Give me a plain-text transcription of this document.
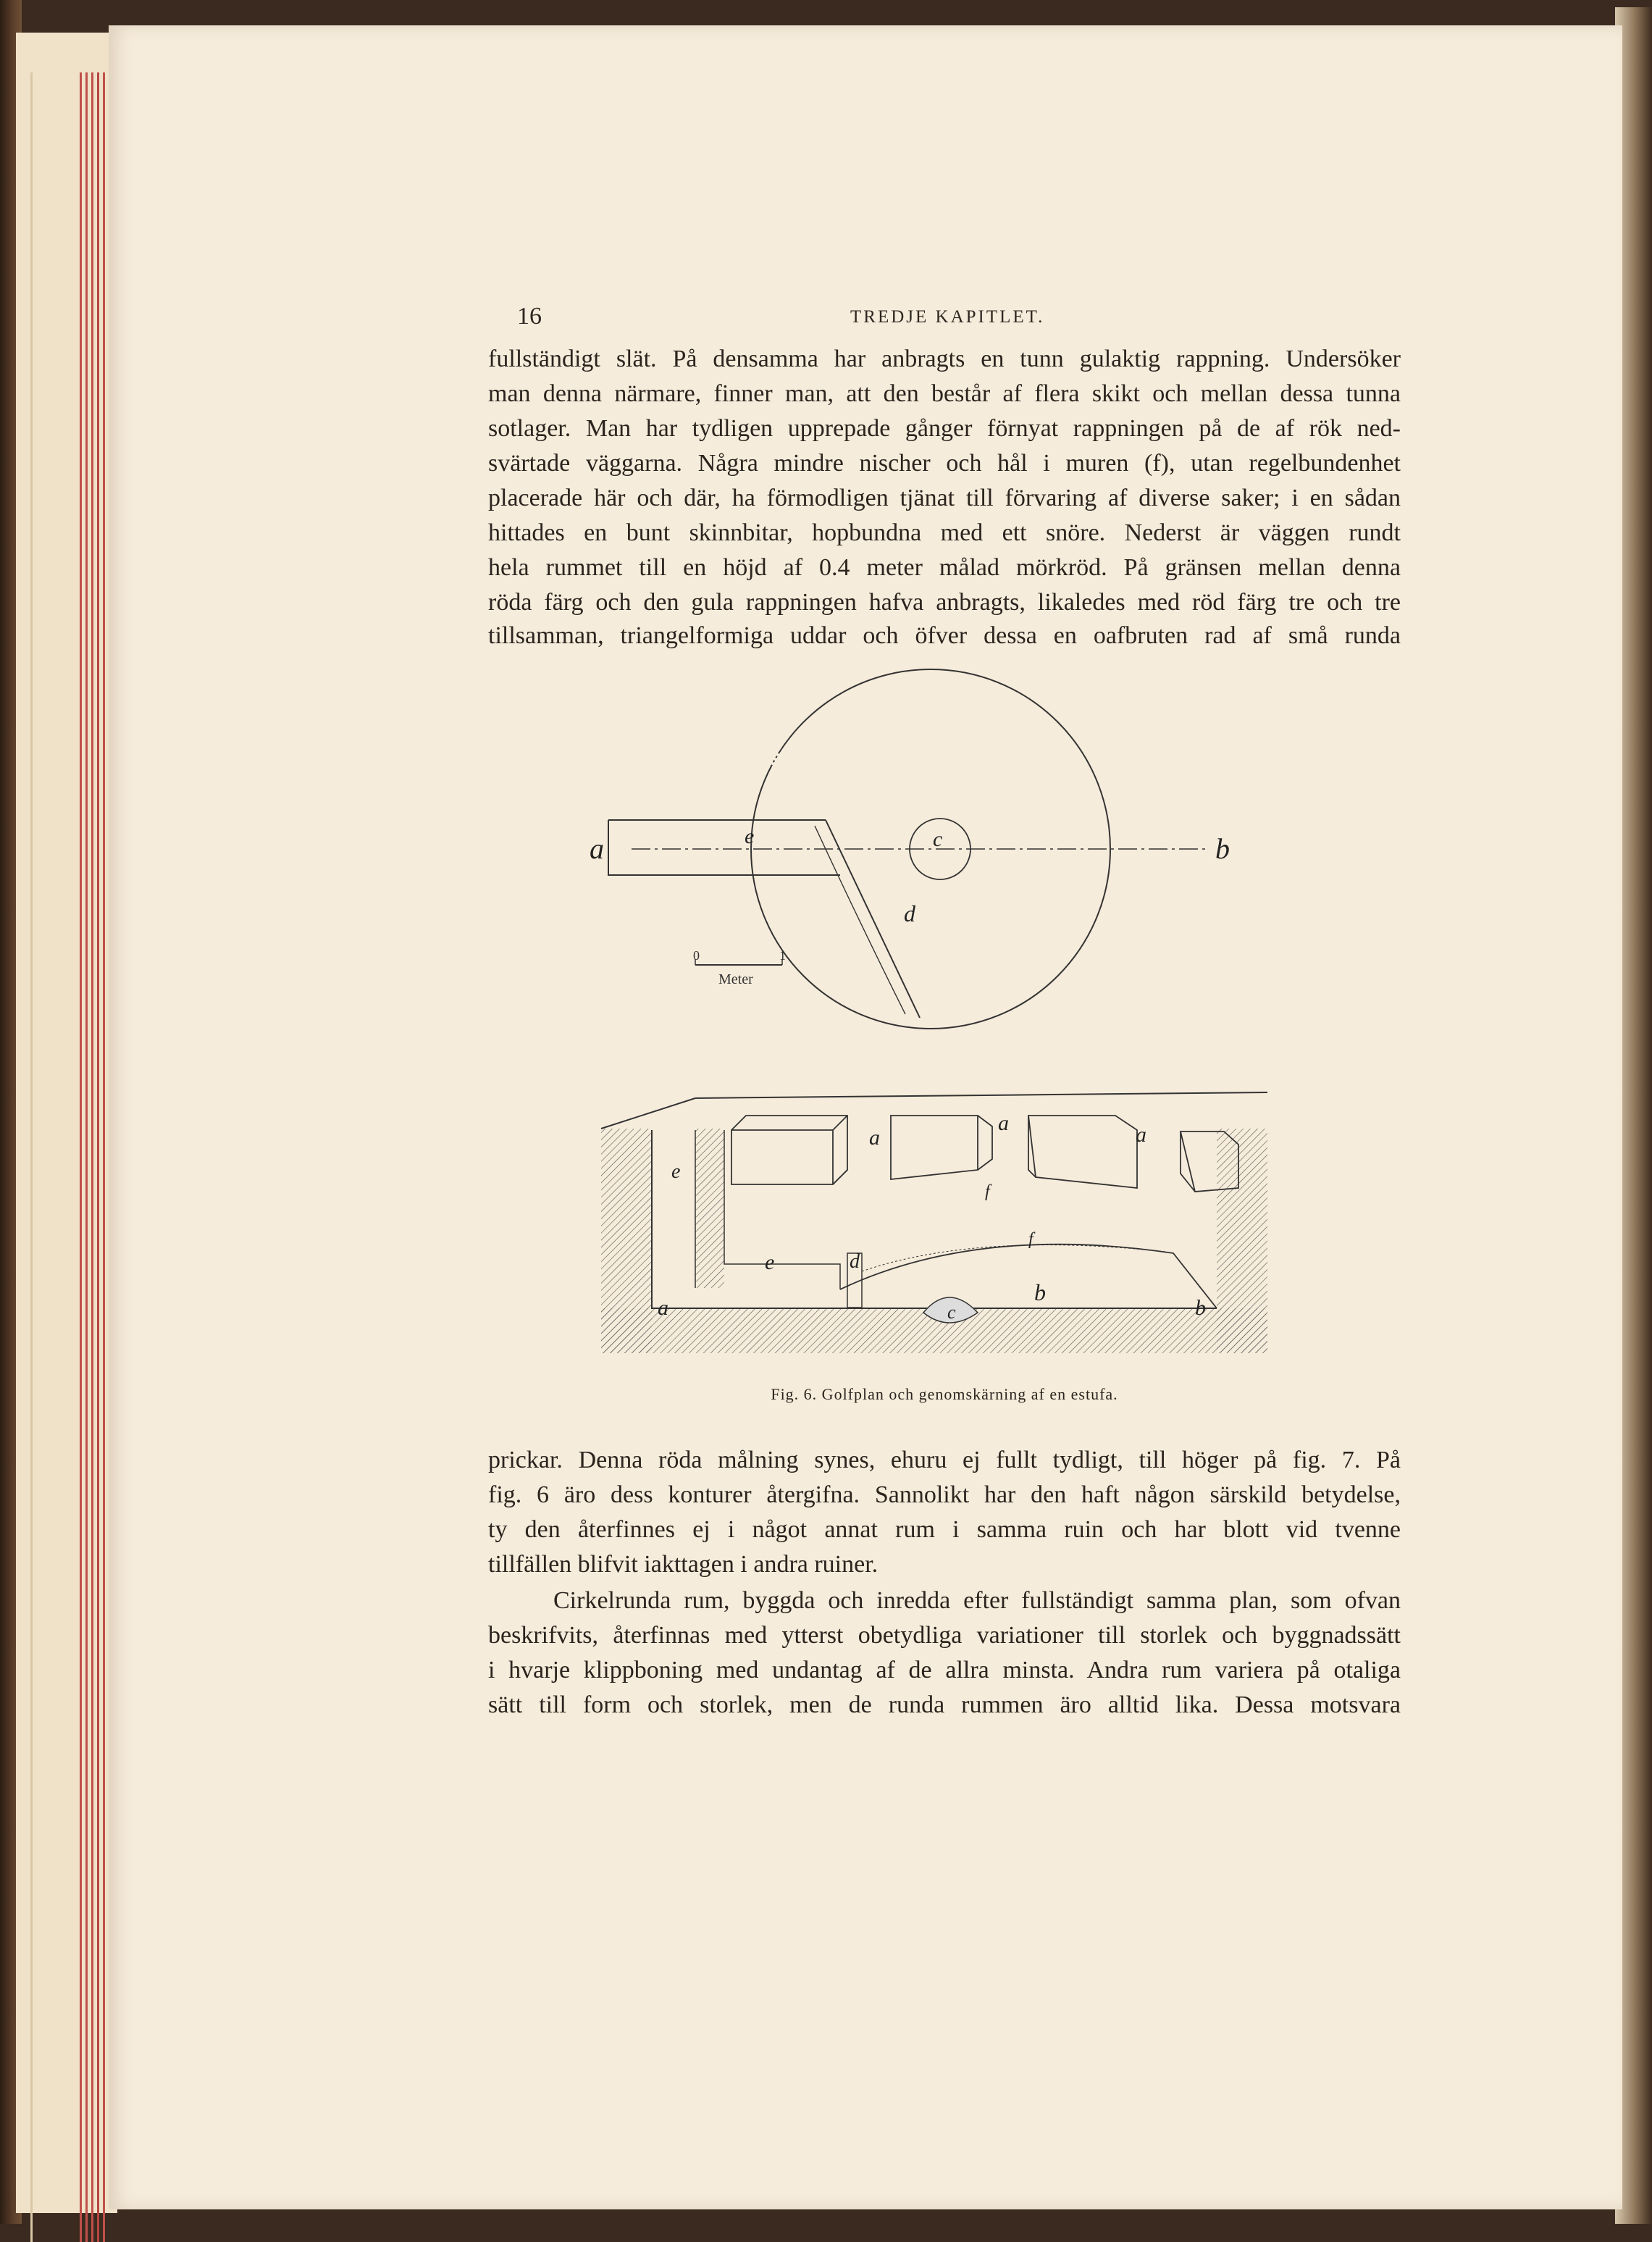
16	TREDJE KAPITLET.

fullständigt slät. På densamma har anbragts en tunn gulaktig rappning. Undersöker

man denna närmare, finner man, att den består af flera skikt och mellan dessa tunna

sotlager. Man har tydligen upprepade gånger förnyat rappningen på de af rök ned-

svärtade väggarna. Några mindre nischer och hål i muren (f), utan regelbundenhet

placerade här och där, ha förmodligen tjänat till förvaring af diverse saker; i en sådan

hittades en bunt skinnbitar, hopbundna med ett snöre. Nederst är väggen rundt

hela rummet till en höjd af 0.4 meter målad mörkröd. På gränsen mellan denna

röda färg och den gula rappningen hafva anbragts, likaledes med röd färg tre och tre

tillsamman, triangelformiga uddar och öfver dessa en oafbruten rad af små runda

a	b
c
d
e
0	1
Meter
a
a	a
e
e
f
f
d
b
c
a	b
Fig. 6. Golfplan och genomskärning af en estufa.

prickar. Denna röda målning synes, ehuru ej fullt tydligt, till höger på fig. 7. På

fig. 6 äro dess konturer återgifna. Sannolikt har den haft någon särskild betydelse,

ty den återfinnes ej i något annat rum i samma ruin och har blott vid tvenne

tillfällen blifvit iakttagen i andra ruiner.

Cirkelrunda rum, byggda och inredda efter fullständigt samma plan, som ofvan

beskrifvits, återfinnas med ytterst obetydliga variationer till storlek och byggnadssätt

i hvarje klippboning med undantag af de allra minsta. Andra rum variera på otaliga

sätt till form och storlek, men de runda rummen äro alltid lika. Dessa motsvara
